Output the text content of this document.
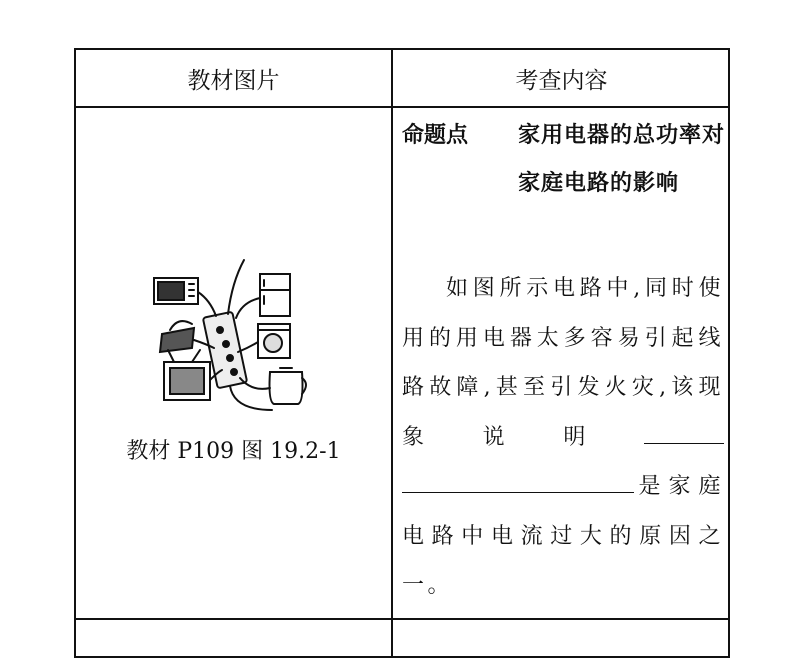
教材图片	考查内容
教材 P109 图 19.2-1
命题点 家用电器的总功率对家庭电路的影响
如图所示电路中,同时使用的用电器太多容易引起线路故障,甚至引发火灾,该现象说明 是家庭电路中电流过大的原因之一。
